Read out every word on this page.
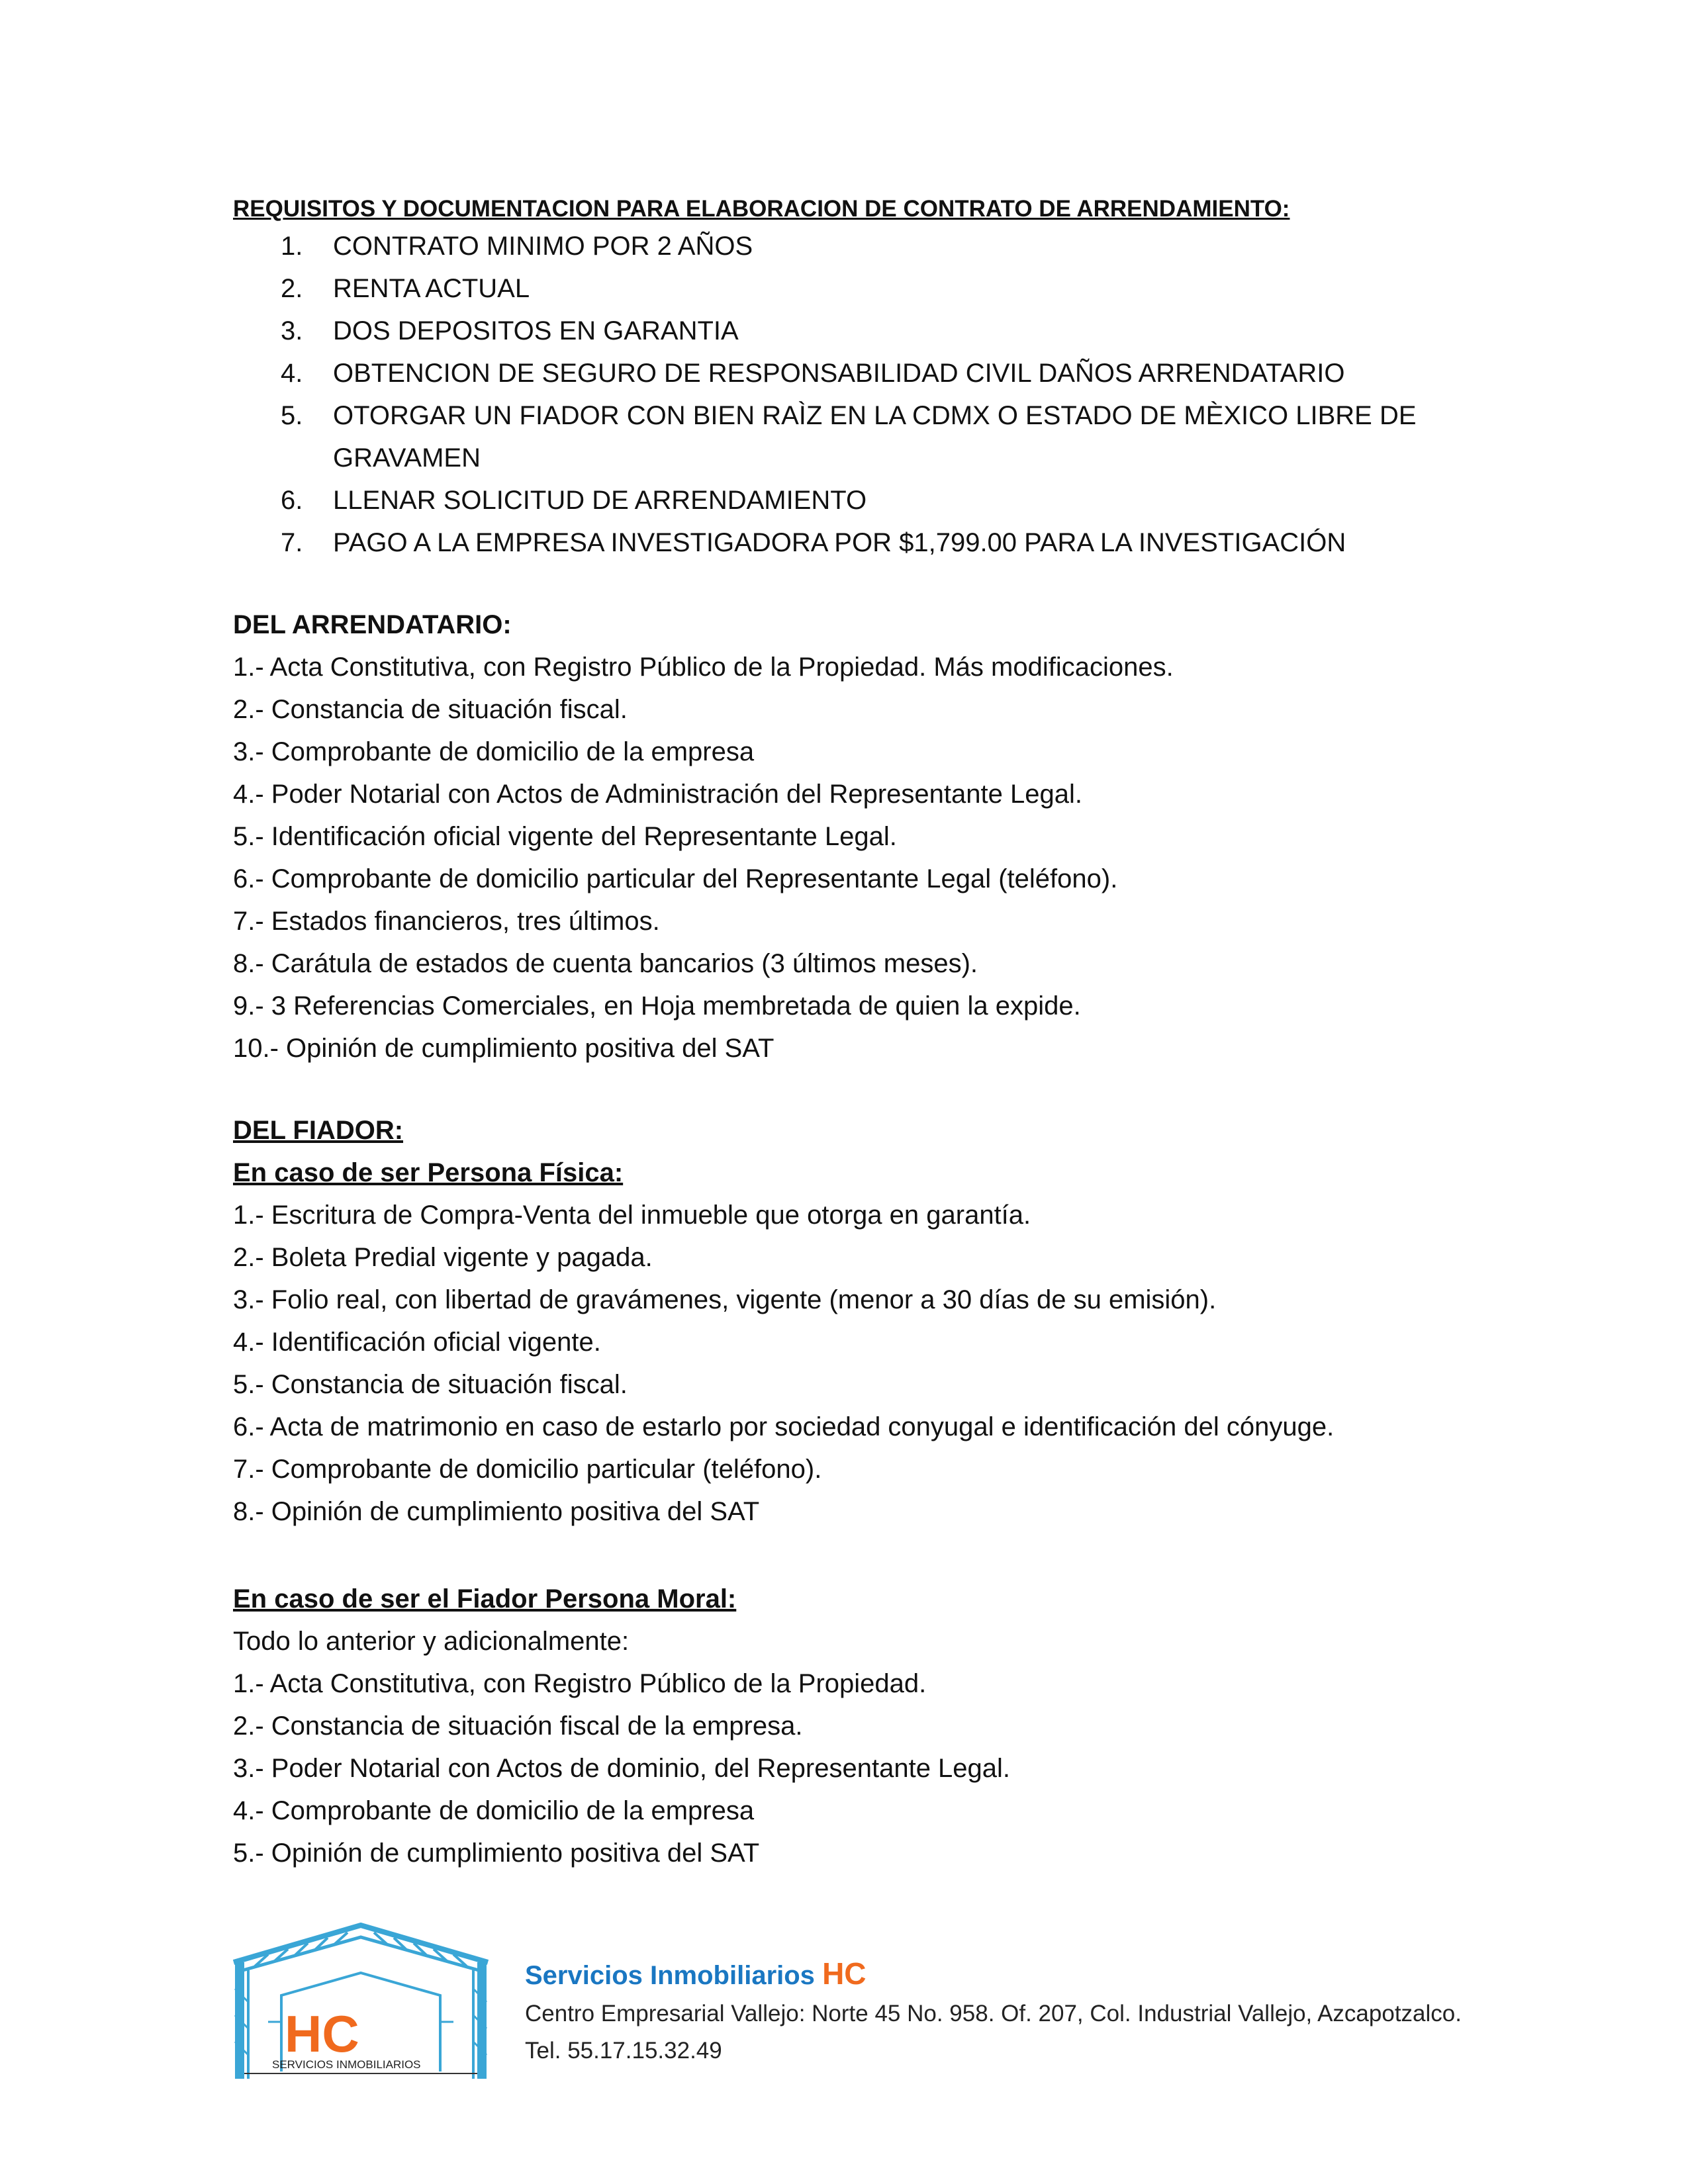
REQUISITOS Y DOCUMENTACION PARA ELABORACION DE CONTRATO DE ARRENDAMIENTO:
1. CONTRATO MINIMO POR 2 AÑOS
2. RENTA ACTUAL
3. DOS DEPOSITOS EN GARANTIA
4. OBTENCION DE SEGURO DE RESPONSABILIDAD CIVIL DAÑOS ARRENDATARIO
5. OTORGAR UN FIADOR CON BIEN RAÌZ EN LA CDMX O ESTADO DE MÈXICO LIBRE DE GRAVAMEN
6. LLENAR SOLICITUD DE ARRENDAMIENTO
7. PAGO A LA EMPRESA INVESTIGADORA POR $1,799.00 PARA LA INVESTIGACIÓN
DEL ARRENDATARIO:
1.- Acta Constitutiva, con Registro Público de la Propiedad. Más modificaciones.
2.- Constancia de situación fiscal.
3.- Comprobante de domicilio de la empresa
4.- Poder Notarial con Actos de Administración del Representante Legal.
5.- Identificación oficial vigente del Representante Legal.
6.- Comprobante de domicilio particular del Representante Legal (teléfono).
7.- Estados financieros, tres últimos.
8.- Carátula de estados de cuenta bancarios (3 últimos meses).
9.- 3 Referencias Comerciales, en Hoja membretada de quien la expide.
10.- Opinión de cumplimiento positiva del SAT
DEL FIADOR:
En caso de ser Persona Física:
1.- Escritura de Compra-Venta del inmueble que otorga en garantía.
2.- Boleta Predial vigente y pagada.
3.- Folio real, con libertad de gravámenes, vigente (menor a 30 días de su emisión).
4.- Identificación oficial vigente.
5.- Constancia de situación fiscal.
6.- Acta de matrimonio en caso de estarlo por sociedad conyugal e identificación del cónyuge.
7.- Comprobante de domicilio particular (teléfono).
8.- Opinión de cumplimiento positiva del SAT
En caso de ser el Fiador Persona Moral:
Todo lo anterior y adicionalmente:
1.- Acta Constitutiva, con Registro Público de la Propiedad.
2.- Constancia de situación fiscal de la empresa.
3.- Poder Notarial con Actos de dominio, del Representante Legal.
4.- Comprobante de domicilio de la empresa
5.- Opinión de cumplimiento positiva del SAT
HC
SERVICIOS INMOBILIARIOS
Servicios Inmobiliarios HC
Centro Empresarial Vallejo: Norte 45 No. 958. Of. 207, Col. Industrial Vallejo, Azcapotzalco.
Tel. 55.17.15.32.49
